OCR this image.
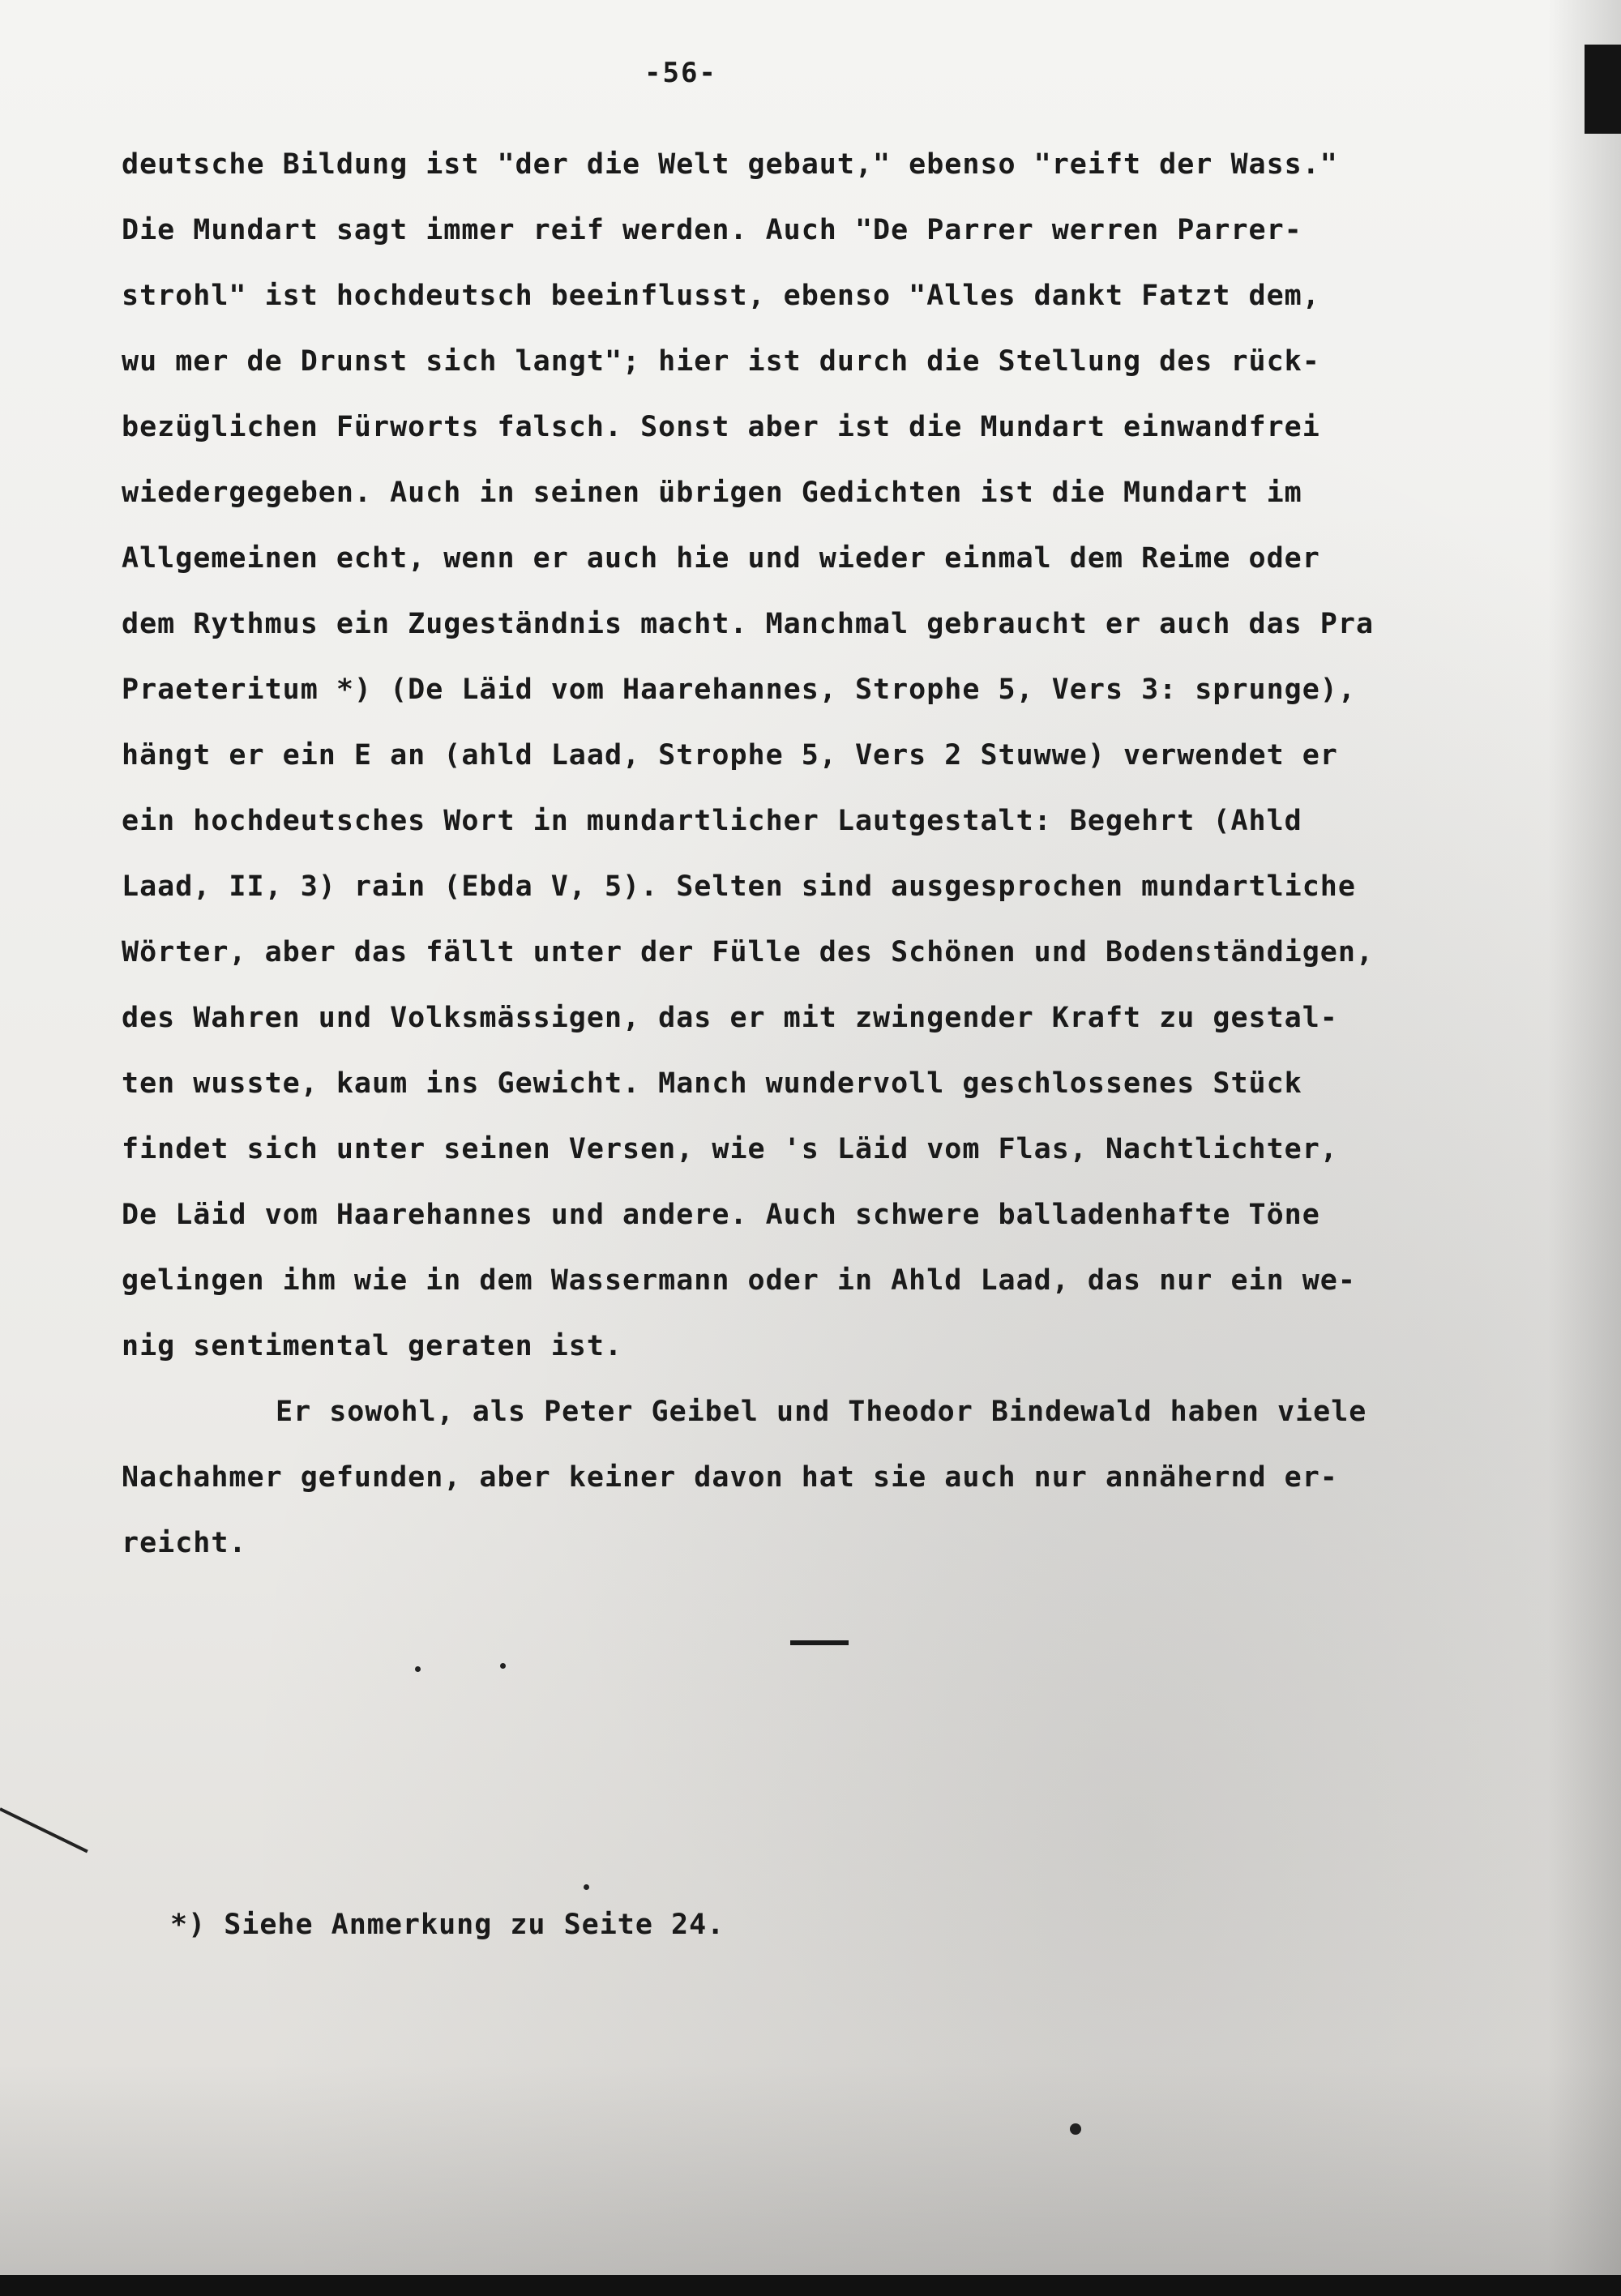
-56-
deutsche Bildung ist "der die Welt gebaut," ebenso "reift der Wass."
Die Mundart sagt immer reif werden. Auch "De Parrer werren Parrer-
strohl" ist hochdeutsch beeinflusst, ebenso "Alles dankt Fatzt dem,
wu mer de Drunst sich langt"; hier ist durch die Stellung des rück-
bezüglichen Fürworts falsch. Sonst aber ist die Mundart einwandfrei
wiedergegeben. Auch in seinen übrigen Gedichten ist die Mundart im
Allgemeinen echt, wenn er auch hie und wieder einmal dem Reime oder
dem Rythmus ein Zugeständnis macht. Manchmal gebraucht er auch das Pra
Praeteritum *) (De Läid vom Haarehannes, Strophe 5, Vers 3: sprunge),
hängt er ein E an (ahld Laad, Strophe 5, Vers 2 Stuwwe) verwendet er
ein hochdeutsches Wort in mundartlicher Lautgestalt: Begehrt (Ahld
Laad, II, 3) rain (Ebda V, 5). Selten sind ausgesprochen mundartliche
Wörter, aber das fällt unter der Fülle des Schönen und Bodenständigen,
des Wahren und Volksmässigen, das er mit zwingender Kraft zu gestal-
ten wusste, kaum ins Gewicht. Manch wundervoll geschlossenes Stück
findet sich unter seinen Versen, wie 's Läid vom Flas, Nachtlichter,
De Läid vom Haarehannes und andere. Auch schwere balladenhafte Töne
gelingen ihm wie in dem Wassermann oder in Ahld Laad, das nur ein we-
nig sentimental geraten ist.
Er sowohl, als Peter Geibel und Theodor Bindewald haben viele
Nachahmer gefunden, aber keiner davon hat sie auch nur annähernd er-
reicht.
*) Siehe Anmerkung zu Seite 24.
